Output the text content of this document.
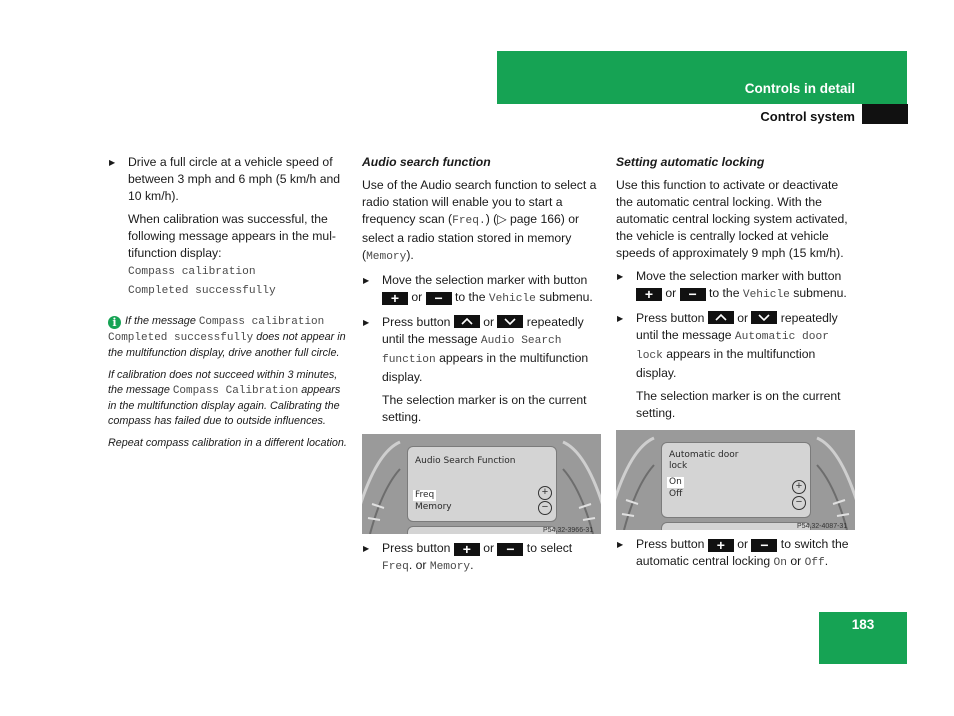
Controls in detail
Control system
▶ Drive a full circle at a vehicle speed of between 3 mph and 6 mph (5 km/h and 10 km/h).

When calibration was successful, the following message appears in the mul-tifunction display:
Compass calibration
Completed successfully

i If the message Compass calibration Completed successfully does not appear in the multifunction display, drive another full circle.

If calibration does not succeed within 3 minutes, the message Compass Calibration appears in the multifunction display again. Calibrating the compass has failed due to outside influences.

Repeat compass calibration in a different location.

Audio search function

Use of the Audio search function to select a radio station will enable you to start a frequency scan (Freq.) (▷ page 166) or select a radio station stored in memory (Memory).

▶ Move the selection marker with button + or − to the Vehicle submenu.
▶ Press button
or
repeatedly until the message Audio Search function appears in the multifunction display.

The selection marker is on the current setting.

Audio Search Function
Freq
Memory
+
−
P54.32-3966-31
▶ Press button + or − to select Freq. or Memory.
Setting automatic locking

Use this function to activate or deactivate the automatic central locking. With the automatic central locking system activated, the vehicle is centrally locked at vehicle speeds of approximately 9 mph (15 km/h).

▶ Move the selection marker with button + or − to the Vehicle submenu.
▶ Press button
or
repeatedly until the message Automatic door lock appears in the multifunction display.

The selection marker is on the current setting.

Automatic door
lock
On
Off
+
−
P54.32-4087-31
▶ Press button + or − to switch the automatic central locking On or Off.
183
